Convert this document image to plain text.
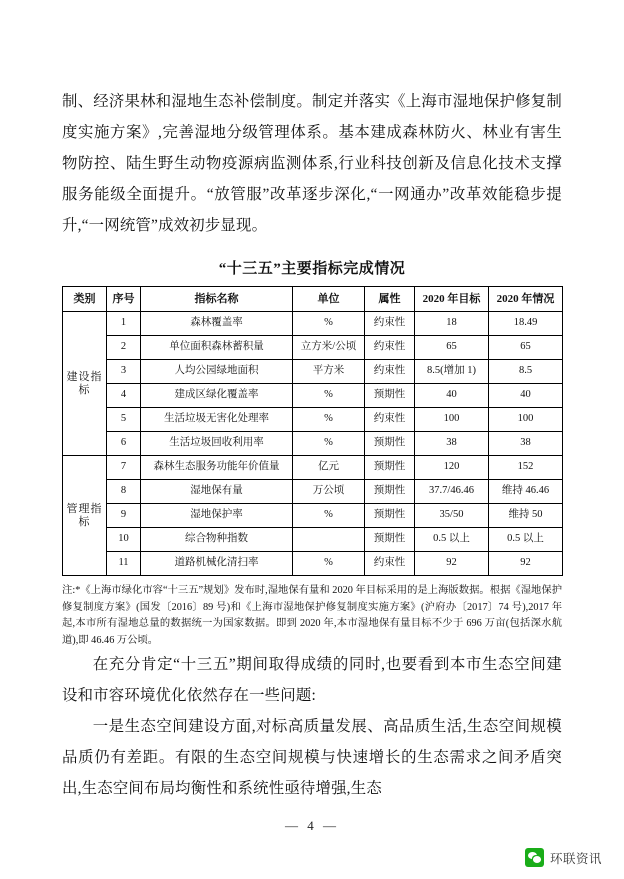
制、经济果林和湿地生态补偿制度。制定并落实《上海市湿地保护修复制度实施方案》,完善湿地分级管理体系。基本建成森林防火、林业有害生物防控、陆生野生动物疫源病监测体系,行业科技创新及信息化技术支撑服务能级全面提升。“放管服”改革逐步深化,“一网通办”改革效能稳步提升,“一网统管”成效初步显现。

“十三五”主要指标完成情况
类别	序号	指标名称	单位	属性	2020 年目标	2020 年情况
建设指标	1	森林覆盖率	%	约束性	18	18.49
	2	单位面积森林蓄积量	立方米/公顷	约束性	65	65
	3	人均公园绿地面积	平方米	约束性	8.5(增加 1)	8.5
	4	建成区绿化覆盖率	%	预期性	40	40
	5	生活垃圾无害化处理率	%	约束性	100	100
	6	生活垃圾回收利用率	%	预期性	38	38
管理指标	7	森林生态服务功能年价值量	亿元	预期性	120	152
	8	湿地保有量	万公顷	预期性	37.7/46.46	维持 46.46
	9	湿地保护率	%	预期性	35/50	维持 50
	10	综合物种指数		预期性	0.5 以上	0.5 以上
	11	道路机械化清扫率	%	约束性	92	92
注:*《上海市绿化市容“十三五”规划》发布时,湿地保有量和 2020 年目标采用的是上海版数据。根据《湿地保护修复制度方案》(国发〔2016〕89 号)和《上海市湿地保护修复制度实施方案》(沪府办〔2017〕74 号),2017 年起,本市所有湿地总量的数据统一为国家数据。即到 2020 年,本市湿地保有量目标不少于 696 万亩(包括深水航道),即 46.46 万公顷。

在充分肯定“十三五”期间取得成绩的同时,也要看到本市生态空间建设和市容环境优化依然存在一些问题:

一是生态空间建设方面,对标高质量发展、高品质生活,生态空间规模品质仍有差距。有限的生态空间规模与快速增长的生态需求之间矛盾突出,生态空间布局均衡性和系统性亟待增强,生态

— 4 —
环联资讯
